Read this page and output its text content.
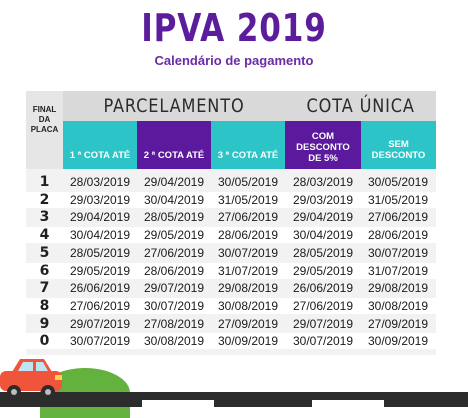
IPVA 2019
Calendário de pagamento
FINAL
DA
PLACA
PARCELAMENTO	COTA ÚNICA
1 ª COTA ATÉ	2 ª COTA ATÉ	3 ª COTA ATÉ
COM DESCONTO DE 5%
SEM DESCONTO
1	28/03/2019	29/04/2019	30/05/2019	28/03/2019	30/05/2019
2	29/03/2019	30/04/2019	31/05/2019	29/03/2019	31/05/2019
3	29/04/2019	28/05/2019	27/06/2019	29/04/2019	27/06/2019
4	30/04/2019	29/05/2019	28/06/2019	30/04/2019	28/06/2019
5	28/05/2019	27/06/2019	30/07/2019	28/05/2019	30/07/2019
6	29/05/2019	28/06/2019	31/07/2019	29/05/2019	31/07/2019
7	26/06/2019	29/07/2019	29/08/2019	26/06/2019	29/08/2019
8	27/06/2019	30/07/2019	30/08/2019	27/06/2019	30/08/2019
9	29/07/2019	27/08/2019	27/09/2019	29/07/2019	27/09/2019
0	30/07/2019	30/08/2019	30/09/2019	30/07/2019	30/09/2019
